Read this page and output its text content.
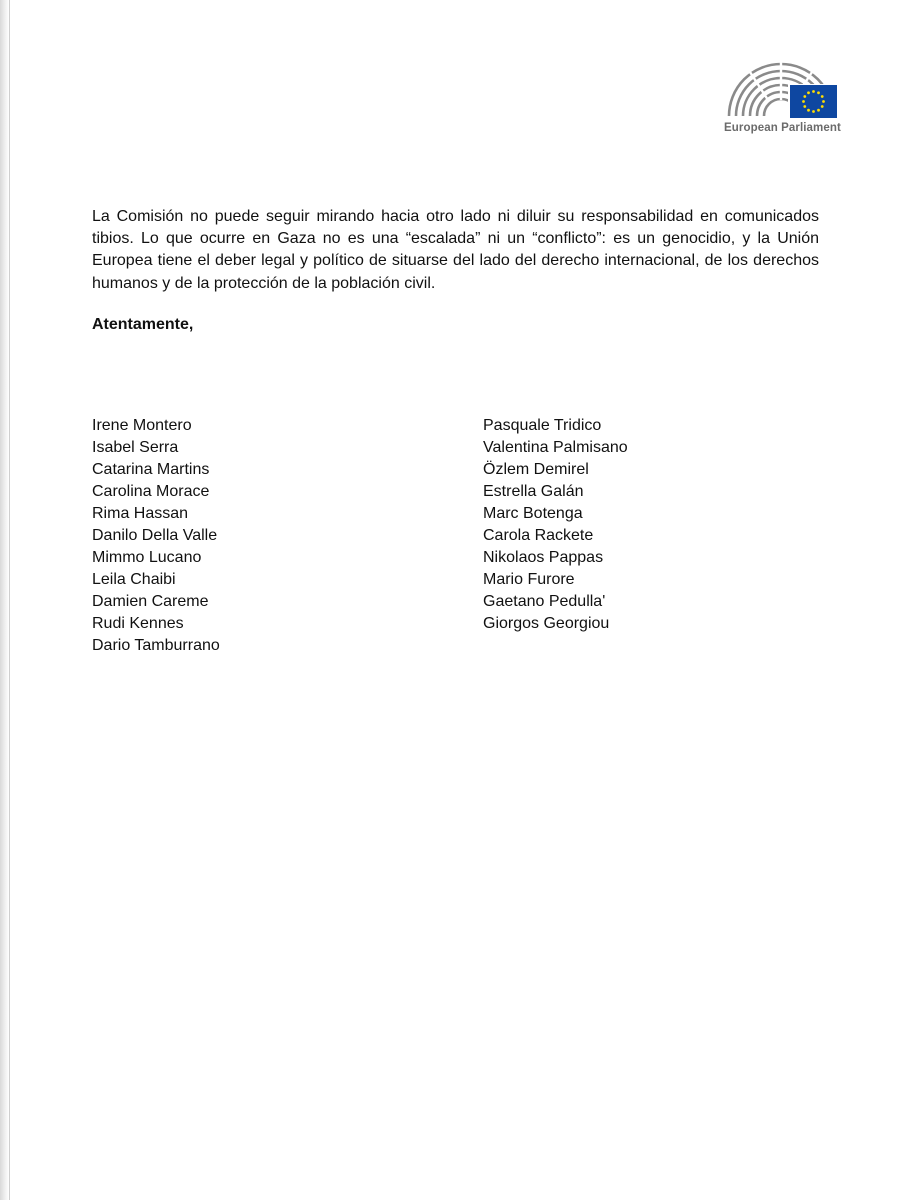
European Parliament

La Comisión no puede seguir mirando hacia otro lado ni diluir su responsabilidad en comunicados tibios. Lo que ocurre en Gaza no es una “escalada” ni un “conflicto”: es un genocidio, y la Unión Europea tiene el deber legal y político de situarse del lado del derecho internacional, de los derechos humanos y de la protección de la población civil.

Atentamente,
Irene Montero
Isabel Serra
Catarina Martins
Carolina Morace
Rima Hassan
Danilo Della Valle
Mimmo Lucano
Leila Chaibi
Damien Careme
Rudi Kennes
Dario Tamburrano
Pasquale Tridico
Valentina Palmisano
Özlem Demirel
Estrella Galán
Marc Botenga
Carola Rackete
Nikolaos Pappas
Mario Furore
Gaetano Pedulla'
Giorgos Georgiou
